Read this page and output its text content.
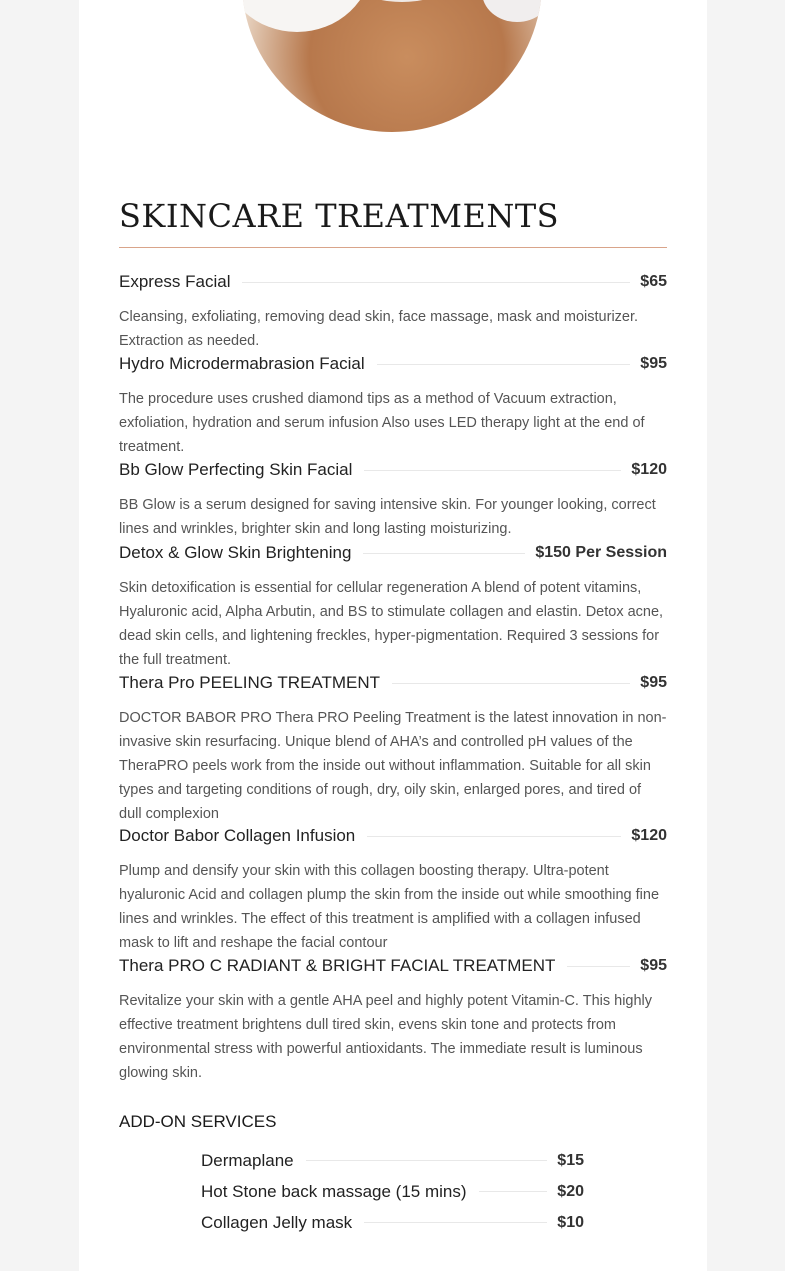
SKINCARE TREATMENTS
Express Facial	$65

Cleansing, exfoliating, removing dead skin, face massage, mask and moisturizer. Extraction as needed.

Hydro Microdermabrasion Facial	$95

The procedure uses crushed diamond tips as a method of Vacuum extraction, exfoliation, hydration and serum infusion Also uses LED therapy light at the end of treatment.

Bb Glow Perfecting Skin Facial	$120

BB Glow is a serum designed for saving intensive skin. For younger looking, correct lines and wrinkles, brighter skin and long lasting moisturizing.

Detox & Glow Skin Brightening	$150 Per Session

Skin detoxification is essential for cellular regeneration A blend of potent vitamins, Hyaluronic acid, Alpha Arbutin, and BS to stimulate collagen and elastin. Detox acne, dead skin cells, and lightening freckles, hyper-pigmentation. Required 3 sessions for the full treatment.

Thera Pro PEELING TREATMENT	$95

DOCTOR BABOR PRO Thera PRO Peeling Treatment is the latest innovation in non-invasive skin resurfacing. Unique blend of AHA’s and controlled pH values of the TheraPRO peels work from the inside out without inflammation. Suitable for all skin types and targeting conditions of rough, dry, oily skin, enlarged pores, and tired of dull complexion

Doctor Babor Collagen Infusion	$120

Plump and densify your skin with this collagen boosting therapy. Ultra-potent hyaluronic Acid and collagen plump the skin from the inside out while smoothing fine lines and wrinkles. The effect of this treatment is amplified with a collagen infused mask to lift and reshape the facial contour

Thera PRO C RADIANT & BRIGHT FACIAL TREATMENT	$95

Revitalize your skin with a gentle AHA peel and highly potent Vitamin-C. This highly effective treatment brightens dull tired skin, evens skin tone and protects from environmental stress with powerful antioxidants. The immediate result is luminous glowing skin.

ADD-ON SERVICES
Dermaplane	$15
Hot Stone back massage (15 mins)	$20
Collagen Jelly mask	$10
